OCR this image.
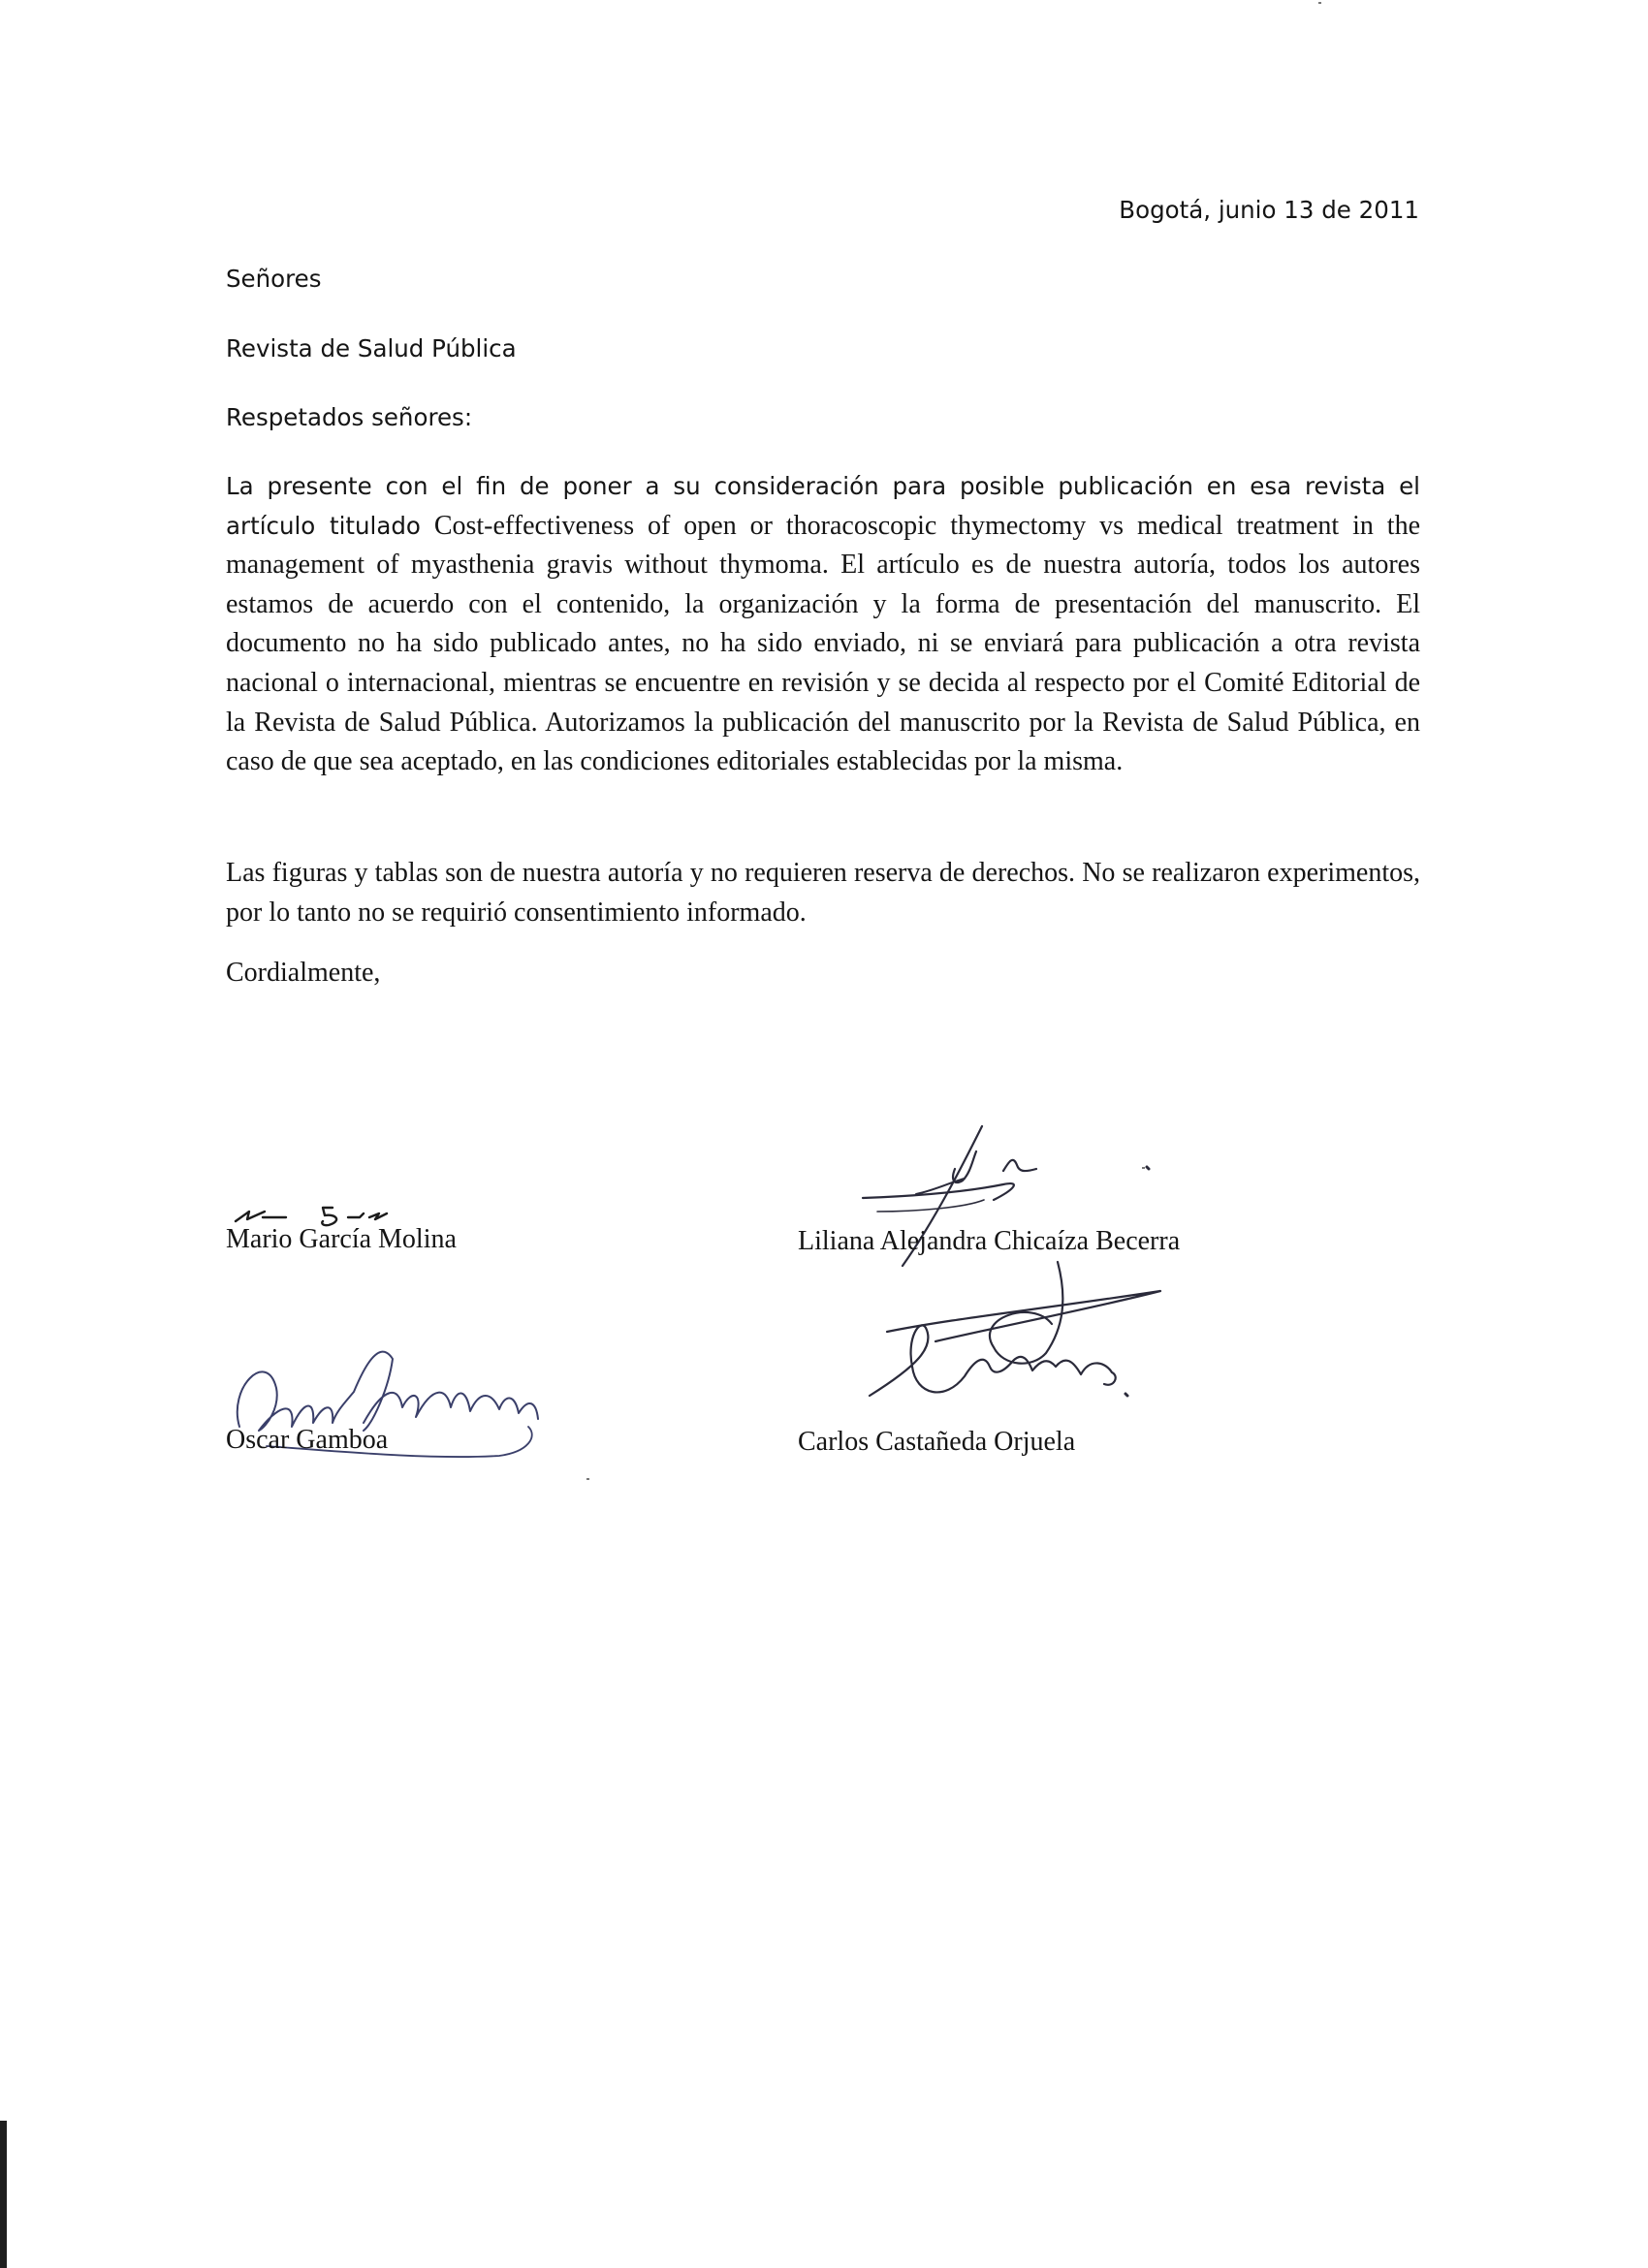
Bogotá, junio 13 de 2011
Señores
Revista de Salud Pública
Respetados señores:

La presente con el fin de poner a su consideración para posible publicación en esa revista el artículo titulado Cost-effectiveness of open or thoracoscopic thymectomy vs medical treatment in the management of myasthenia gravis without thymoma. El artículo es de nuestra autoría, todos los autores estamos de acuerdo con el contenido, la organización y la forma de presentación del manuscrito. El documento no ha sido publicado antes, no ha sido enviado, ni se enviará para publicación a otra revista nacional o internacional, mientras se encuentre en revisión y se decida al respecto por el Comité Editorial de la Revista de Salud Pública. Autorizamos la publicación del manuscrito por la Revista de Salud Pública, en caso de que sea aceptado, en las condiciones editoriales establecidas por la misma.

Las figuras y tablas son de nuestra autoría y no requieren reserva de derechos. No se realizaron experimentos, por lo tanto no se requirió consentimiento informado.

Cordialmente,
Mario García Molina	Liliana Alejandra Chicaíza Becerra
Oscar Gamboa	Carlos Castañeda Orjuela
